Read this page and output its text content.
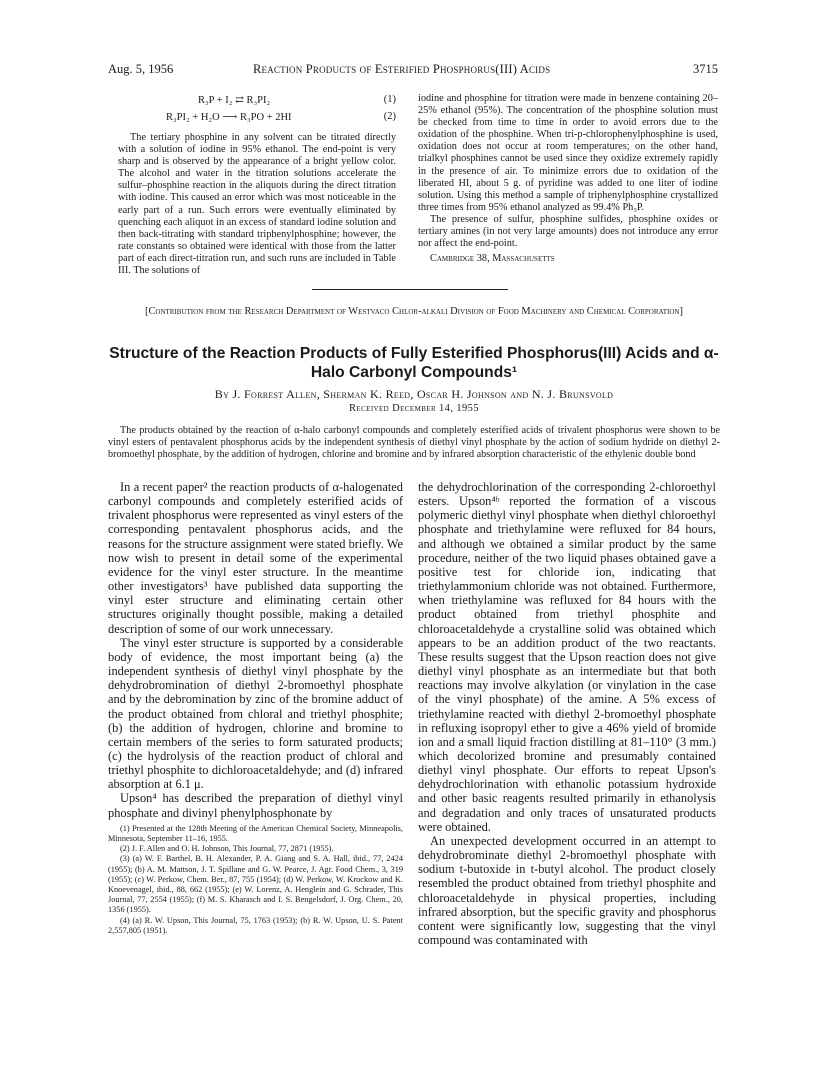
Aug. 5, 1956	Reaction Products of Esterified Phosphorus(III) Acids	3715
R₃P + I₂ ⇄ R₃PI₂	(1)
R₃PI₂ + H₂O ⟶ R₃PO + 2HI	(2)

The tertiary phosphine in any solvent can be titrated directly with a solution of iodine in 95% ethanol. The end-point is very sharp and is observed by the appearance of a bright yellow color. The alcohol and water in the titration solutions accelerate the sulfur–phosphine reaction in the aliquots during the direct titration with iodine. This caused an error which was most noticeable in the early part of a run. Such errors were eventually eliminated by quenching each aliquot in an excess of standard iodine solution and then back-titrating with standard triphenylphosphine; however, the rate constants so obtained were identical with those from the latter part of each direct-titration run, and such runs are included in Table III. The solutions of

iodine and phosphine for titration were made in benzene containing 20–25% ethanol (95%). The concentration of the phosphine solution must be checked from time to time in order to avoid errors due to the oxidation of the phosphine. When tri-p-chlorophenylphosphine is used, oxidation does not occur at room temperatures; on the other hand, trialkyl phosphines cannot be used since they oxidize extremely rapidly in the presence of air. To minimize errors due to oxidation of the liberated HI, about 5 g. of pyridine was added to one liter of iodine solution. Using this method a sample of triphenylphosphine crystallized three times from 95% ethanol analyzed as 99.4% Ph₃P.

The presence of sulfur, phosphine sulfides, phosphine oxides or tertiary amines (in not very large amounts) does not introduce any error nor affect the end-point.

Cambridge 38, Massachusetts

[Contribution from the Research Department of Westvaco Chlor-alkali Division of Food Machinery and Chemical Corporation]
Structure of the Reaction Products of Fully Esterified Phosphorus(III) Acids and α-Halo Carbonyl Compounds¹
By J. Forrest Allen, Sherman K. Reed, Oscar H. Johnson and N. J. Brunsvold
Received December 14, 1955

The products obtained by the reaction of α-halo carbonyl compounds and completely esterified acids of trivalent phosphorus were shown to be vinyl esters of pentavalent phosphorus acids by the independent synthesis of diethyl vinyl phosphate by the action of sodium hydride on diethyl 2-bromoethyl phosphate, by the addition of hydrogen, chlorine and bromine and by infrared absorption characteristic of the ethylenic double bond

In a recent paper² the reaction products of α-halogenated carbonyl compounds and completely esterified acids of trivalent phosphorus were represented as vinyl esters of the corresponding pentavalent phosphorus acids, and the reasons for the structure assignment were stated briefly. We now wish to present in detail some of the experimental evidence for the vinyl ester structure. In the meantime other investigators³ have published data supporting the vinyl ester structure and eliminating certain other structures originally thought possible, making a detailed description of some of our work unnecessary.

The vinyl ester structure is supported by a considerable body of evidence, the most important being (a) the independent synthesis of diethyl vinyl phosphate by the dehydrobromination of diethyl 2-bromoethyl phosphate and by the debromination by zinc of the bromine adduct of the product obtained from chloral and triethyl phosphite; (b) the addition of hydrogen, chlorine and bromine to certain members of the series to form saturated products; (c) the hydrolysis of the reaction product of chloral and triethyl phosphite to dichloroacetaldehyde; and (d) infrared absorption at 6.1 μ.

Upson⁴ has described the preparation of diethyl vinyl phosphate and divinyl phenylphosphonate by

(1) Presented at the 128th Meeting of the American Chemical Society, Minneapolis, Minnesota, September 11–16, 1955.

(2) J. F. Allen and O. H. Johnson, This Journal, 77, 2871 (1955).

(3) (a) W. F. Barthel, B. H. Alexander, P. A. Giang and S. A. Hall, ibid., 77, 2424 (1955); (b) A. M. Mattson, J. T. Spillane and G. W. Pearce, J. Agr. Food Chem., 3, 319 (1955); (c) W. Perkow, Chem. Ber., 87, 755 (1954); (d) W. Perkow, W. Krockow and K. Knoevenagel, ibid., 88, 662 (1955); (e) W. Lorenz, A. Henglein and G. Schrader, This Journal, 77, 2554 (1955); (f) M. S. Kharasch and I. S. Bengelsdorf, J. Org. Chem., 20, 1356 (1955).

(4) (a) R. W. Upson, This Journal, 75, 1763 (1953); (b) R. W. Upson, U. S. Patent 2,557,805 (1951).

the dehydrochlorination of the corresponding 2-chloroethyl esters. Upson⁴ᵇ reported the formation of a viscous polymeric diethyl vinyl phosphate when diethyl chloroethyl phosphate and triethylamine were refluxed for 84 hours, and although we obtained a similar product by the same procedure, neither of the two liquid phases obtained gave a positive test for chloride ion, indicating that triethylammonium chloride was not obtained. Furthermore, when triethylamine was refluxed for 84 hours with the product obtained from triethyl phosphite and chloroacetaldehyde a crystalline solid was obtained which appears to be an addition product of the two reactants. These results suggest that the Upson reaction does not give diethyl vinyl phosphate as an intermediate but that both reactions may involve alkylation (or vinylation in the case of the vinyl phosphate) of the amine. A 5% excess of triethylamine reacted with diethyl 2-bromoethyl phosphate in refluxing isopropyl ether to give a 46% yield of bromide ion and a small liquid fraction distilling at 81–110° (3 mm.) which decolorized bromine and presumably contained diethyl vinyl phosphate. Our efforts to repeat Upson's dehydrochlorination with ethanolic potassium hydroxide and other basic reagents resulted primarily in ethanolysis and degradation and only traces of unsaturated products were obtained.

An unexpected development occurred in an attempt to dehydrobrominate diethyl 2-bromoethyl phosphate with sodium t-butoxide in t-butyl alcohol. The product closely resembled the product obtained from triethyl phosphite and chloroacetaldehyde in physical properties, including infrared absorption, but the specific gravity and phosphorus content were significantly low, suggesting that the vinyl compound was contaminated with
